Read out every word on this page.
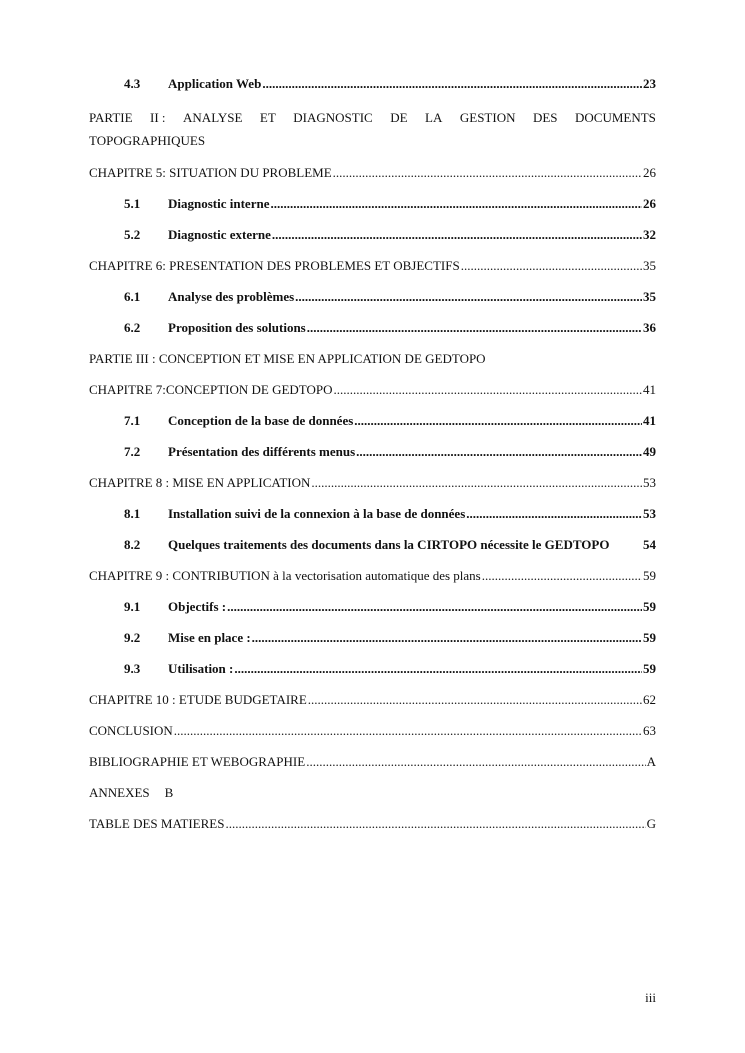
4.3	Application Web .....	23
PARTIE II : ANALYSE ET DIAGNOSTIC DE LA GESTION DES DOCUMENTS
TOPOGRAPHIQUES
CHAPITRE 5: SITUATION DU PROBLEME .....	26
5.1	Diagnostic interne .....	26
5.2	Diagnostic externe .....	32
CHAPITRE 6: PRESENTATION DES PROBLEMES ET OBJECTIFS .....	35
6.1	Analyse des problèmes .....	35
6.2	Proposition des solutions .....	36
PARTIE III : CONCEPTION ET MISE EN APPLICATION DE GEDTOPO
CHAPITRE 7:CONCEPTION DE GEDTOPO .....	41
7.1	Conception de la base de données .....	41
7.2	Présentation des différents menus .....	49
CHAPITRE 8 : MISE EN APPLICATION .....	53
8.1	Installation suivi de la connexion à la base de données .....	53
8.2	Quelques traitements des documents dans la CIRTOPO nécessite le GEDTOPO	54
CHAPITRE 9 : CONTRIBUTION à la vectorisation automatique des plans .....	59
9.1	Objectifs : .....	59
9.2	Mise en place : .....	59
9.3	Utilisation : .....	59
CHAPITRE 10 : ETUDE BUDGETAIRE .....	62
CONCLUSION .....	63
BIBLIOGRAPHIE ET WEBOGRAPHIE .....	A
ANNEXES B
TABLE DES MATIERES .....	G
iii
